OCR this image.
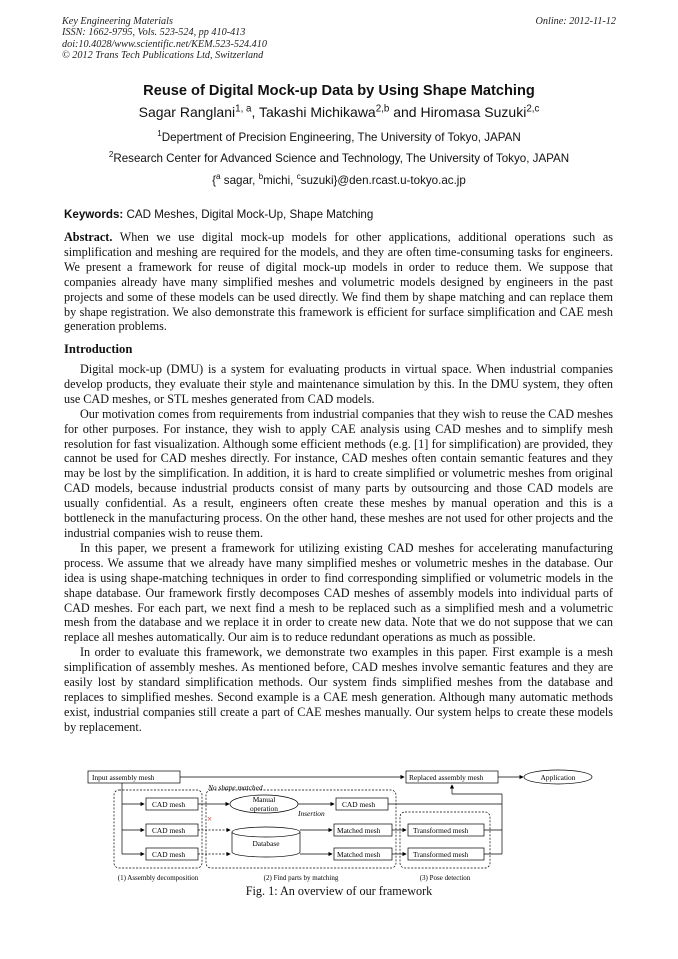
Key Engineering Materials
ISSN: 1662-9795, Vols. 523-524, pp 410-413
doi:10.4028/www.scientific.net/KEM.523-524.410
© 2012 Trans Tech Publications Ltd, Switzerland
Online: 2012-11-12
Reuse of Digital Mock-up Data by Using Shape Matching
Sagar Ranglani$^{1, a}$, Takashi Michikawa$^{2,b}$ and Hiromasa Suzuki$^{2,c}$
$^1$Depertment of Precision Engineering, The University of Tokyo, JAPAN
$^2$Research Center for Advanced Science and Technology, The University of Tokyo, JAPAN
{$^a$ sagar, $^b$michi, $^c$suzuki}@den.rcast.u-tokyo.ac.jp
Keywords: CAD Meshes, Digital Mock-Up, Shape Matching

Abstract. When we use digital mock-up models for other applications, additional operations such as simplification and meshing are required for the models, and they are often time-consuming tasks for engineers. We present a framework for reuse of digital mock-up models in order to reduce them. We suppose that companies already have many simplified meshes and volumetric models designed by engineers in the past projects and some of these models can be used directly. We find them by shape matching and can replace them by shape registration. We also demonstrate this framework is efficient for surface simplification and CAE mesh generation problems.

Introduction

Digital mock-up (DMU) is a system for evaluating products in virtual space. When industrial companies develop products, they evaluate their style and maintenance simulation by this. In the DMU system, they often use CAD meshes, or STL meshes generated from CAD models.

Our motivation comes from requirements from industrial companies that they wish to reuse the CAD meshes for other purposes. For instance, they wish to apply CAE analysis using CAD meshes and to simplify mesh resolution for fast visualization. Although some efficient methods (e.g. [1] for simplification) are provided, they cannot be used for CAD meshes directly. For instance, CAD meshes often contain semantic features and they may be lost by the simplification. In addition, it is hard to create simplified or volumetric meshes from original CAD models, because industrial products consist of many parts by outsourcing and those CAD models are usually confidential. As a result, engineers often create these meshes by manual operation and this is a bottleneck in the manufacturing process. On the other hand, these meshes are not used for other projects and the industrial companies wish to reuse them.

In this paper, we present a framework for utilizing existing CAD meshes for accelerating manufacturing process. We assume that we already have many simplified meshes or volumetric meshes in the database. Our idea is using shape-matching techniques in order to find corresponding simplified or volumetric models in the shape database. Our framework firstly decomposes CAD meshes of assembly models into individual parts of CAD meshes. For each part, we next find a mesh to be replaced such as a simplified mesh and a volumetric mesh from the database and we replace it in order to create new data. Note that we do not suppose that we can replace all meshes automatically. Our aim is to reduce redundant operations as much as possible.

In order to evaluate this framework, we demonstrate two examples in this paper. First example is a mesh simplification of assembly meshes. As mentioned before, CAD meshes involve semantic features and they are easily lost by standard simplification methods. Our system finds simplified meshes from the database and replaces to simplified meshes. Second example is a CAE mesh generation. Although many automatic methods exist, industrial companies still create a part of CAE meshes manually. Our system helps to create these models by replacement.

Input assembly mesh	Replaced assembly mesh	Application
CAD mesh
CAD mesh
CAD mesh
No shape matched
×
Manual
operation	CAD mesh
Insertion
Database
Matched mesh
Matched mesh
Transformed mesh
Transformed mesh
(1) Assembly decomposition	(2) Find parts by matching	(3) Pose detection
Fig. 1: An overview of our framework
